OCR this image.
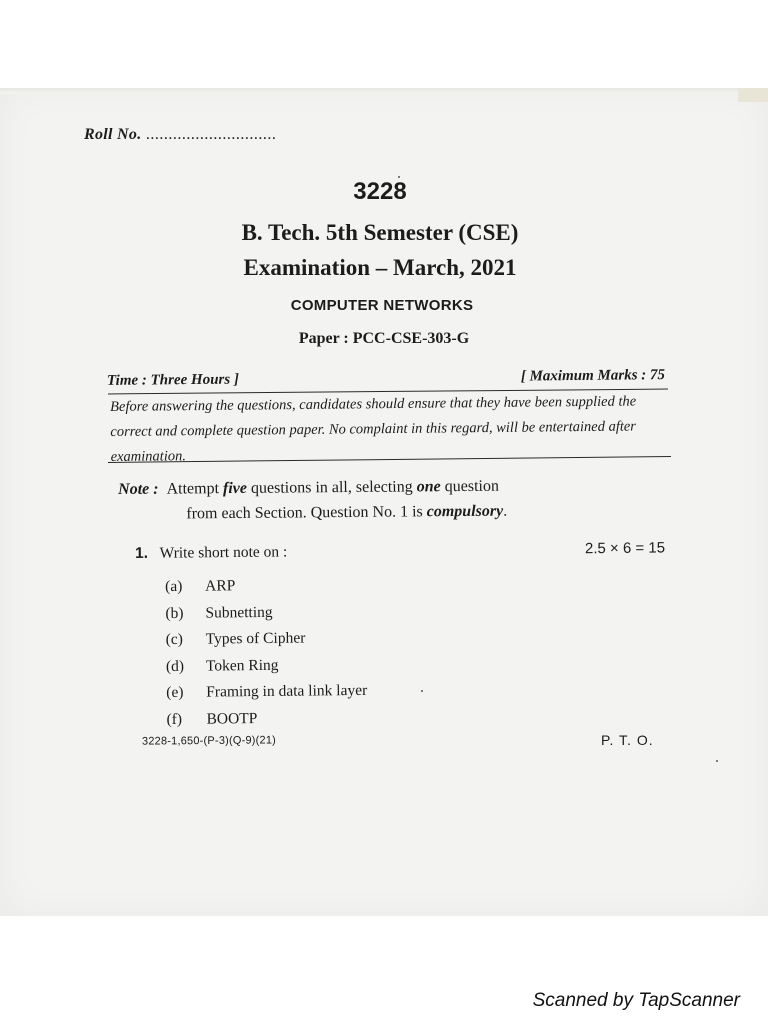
Roll No. .............................
3228
B. Tech. 5th Semester (CSE)
Examination – March, 2021
COMPUTER NETWORKS
Paper : PCC-CSE-303-G
Time : Three Hours ]	[ Maximum Marks : 75
Before answering the questions, candidates should ensure that they have been supplied the correct and complete question paper. No complaint in this regard, will be entertained after examination.
Note : Attempt five questions in all, selecting one question
from each Section. Question No. 1 is compulsory.
1. Write short note on :	2.5 × 6 = 15
(a) ARP
(b) Subnetting
(c) Types of Cipher
(d) Token Ring
(e) Framing in data link layer
(f) BOOTP
3228-1,650-(P-3)(Q-9)(21)	P. T. O.
Scanned by TapScanner
